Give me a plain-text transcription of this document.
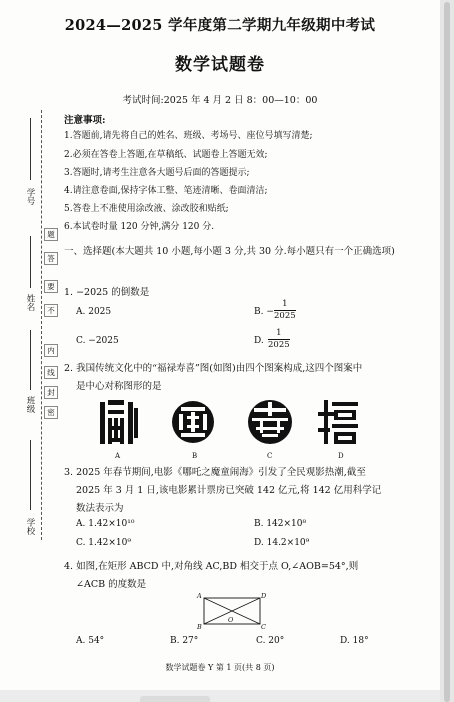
2024—2025 学年度第二学期九年级期中考试
数学试题卷
考试时间:2025 年 4 月 2 日 8：00—10：00
注意事项:
1.答题前,请先将自己的姓名、班级、考场号、座位号填写清楚;
2.必须在答卷上答题,在草稿纸、试题卷上答题无效;
3.答题时,请考生注意各大题号后面的答题提示;
4.请注意卷面,保持字体工整、笔迹清晰、卷面清洁;
5.答卷上不准使用涂改液、涂改胶和贴纸;
6.本试卷时量 120 分钟,满分 120 分.
学号
姓名
班级
学校
题
答
要
不
内
线
封
密
一、选择题(本大题共 10 小题,每小题 3 分,共 30 分.每小题只有一个正确选项)
1. −2025 的倒数是
A. 2025	B. − $\frac{1}{2025}$
C. −2025	D. $\frac{1}{2025}$
2. 我国传统文化中的“福禄寿喜”图(如图)由四个图案构成,这四个图案中
是中心对称图形的是
A	B	C	D
3. 2025 年春节期间,电影《哪吒之魔童闹海》引发了全民观影热潮,截至
2025 年 3 月 1 日,该电影累计票房已突破 142 亿元,将 142 亿用科学记
数法表示为
A. 1.42×10¹⁰	B. 142×10⁸
C. 1.42×10⁹	D. 14.2×10⁹
4. 如图,在矩形 ABCD 中,对角线 AC,BD 相交于点 O,∠AOB=54°,则
∠ACB 的度数是
A	D
O
B	C
A. 54°	B. 27°	C. 20°	D. 18°
数学试题卷 Y 第 1 页(共 8 页)
